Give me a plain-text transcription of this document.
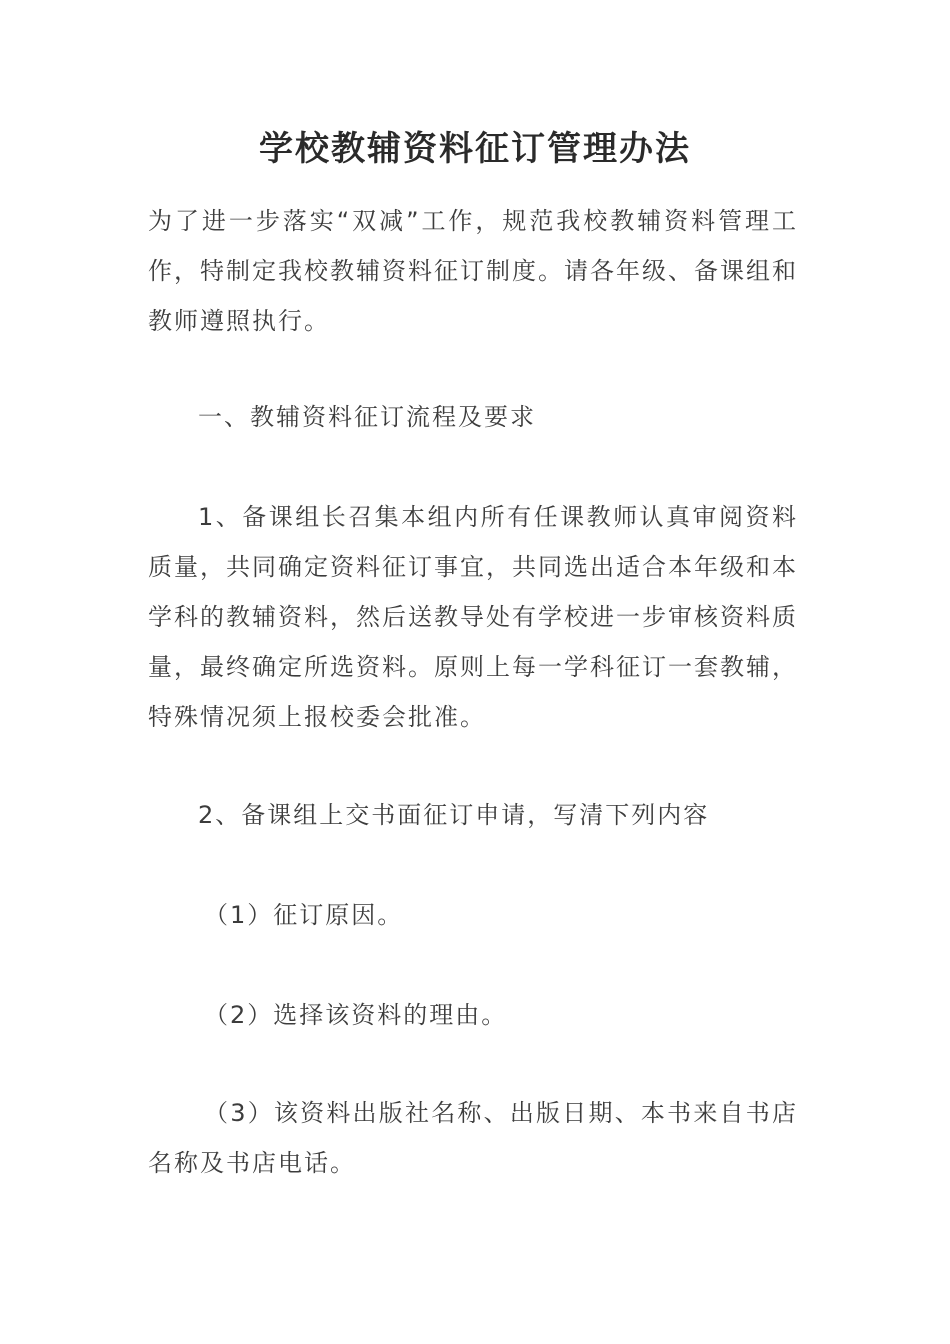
学校教辅资料征订管理办法
为了进一步落实“双减”工作，规范我校教辅资料管理工作，特制定我校教辅资料征订制度。请各年级、备课组和教师遵照执行。
一、教辅资料征订流程及要求
1、备课组长召集本组内所有任课教师认真审阅资料质量，共同确定资料征订事宜，共同选出适合本年级和本学科的教辅资料，然后送教导处有学校进一步审核资料质量，最终确定所选资料。原则上每一学科征订一套教辅，特殊情况须上报校委会批准。
2、备课组上交书面征订申请，写清下列内容
（1）征订原因。
（2）选择该资料的理由。
（3）该资料出版社名称、出版日期、本书来自书店名称及书店电话。
